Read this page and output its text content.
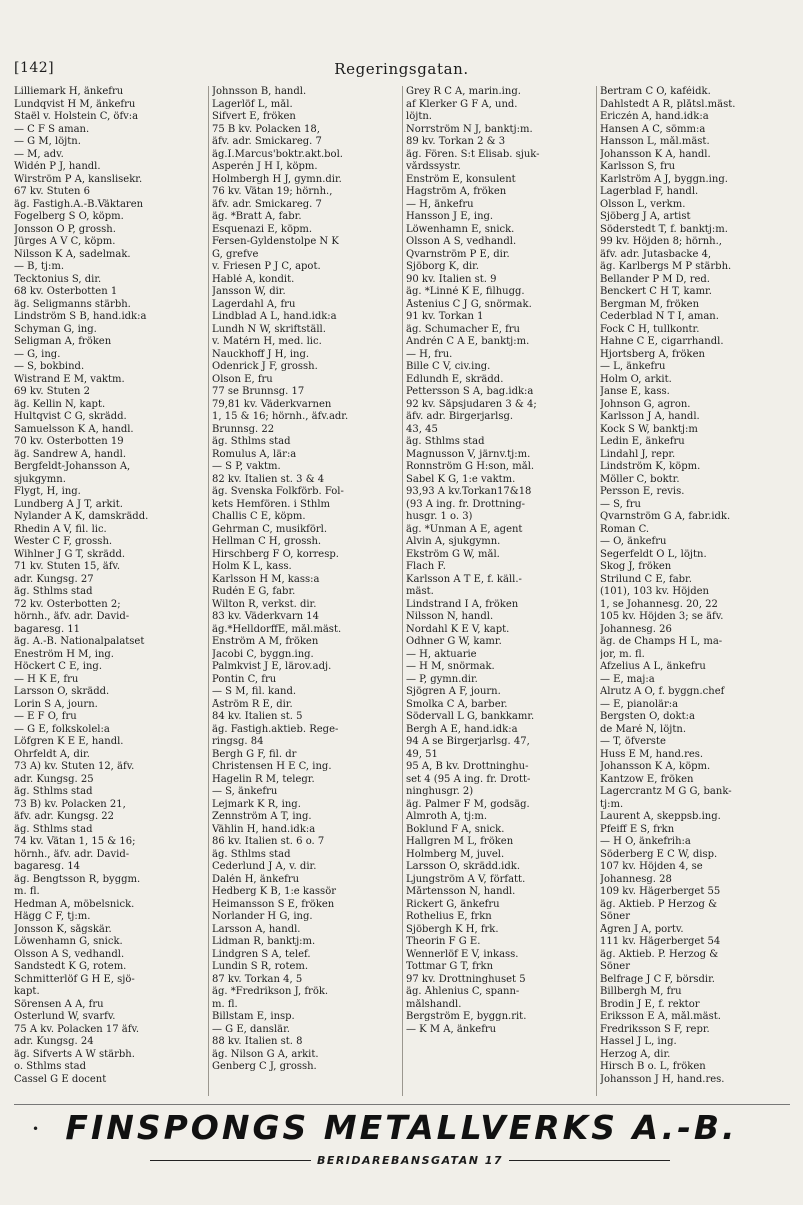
[142]	Regeringsgatan.
Lilliemark H, änkefru
Lundqvist H M, änkefru
Staël v. Holstein C, öfv:a
— C F S aman.
— G M, löjtn.
— M, adv.
Widén P J, handl.
Wirström P A, kanslisekr.
67 kv. Stuten 6
äg. Fastigh.A.-B.Väktaren
Fogelberg S O, köpm.
Jonsson O P, grossh.
Jürges A V C, köpm.
Nilsson K A, sadelmak.
— B, tj:m.
Tecktonius S, dir.
68 kv. Österbotten 1
äg. Seligmanns stärbh.
Lindström S B, hand.idk:a
Schyman G, ing.
Seligman A, fröken
— G, ing.
— S, bokbind.
Wistrand E M, vaktm.
69 kv. Stuten 2
äg. Kellin N, kapt.
Hultqvist C G, skrädd.
Samuelsson K A, handl.
70 kv. Österbotten 19
äg. Sandrew A, handl.
Bergfeldt-Johansson A,
sjukgymn.
Flygt, H, ing.
Lundberg A J T, arkit.
Nylander A K, damskrädd.
Rhedin A V, fil. lic.
Wester C F, grossh.
Wihlner J G T, skrädd.
71 kv. Stuten 15, äfv.
adr. Kungsg. 27
äg. Sthlms stad
72 kv. Österbotten 2;
hörnh., äfv. adr. David-
bagaresg. 11
äg. A.-B. Nationalpalatset
Eneström H M, ing.
Höckert C E, ing.
— H K E, fru
Larsson O, skrädd.
Lorin S A, journ.
— E F O, fru
— G E, folkskolel:a
Löfgren K E E, handl.
Öhrfeldt A, dir.
73 A) kv. Stuten 12, äfv.
adr. Kungsg. 25
äg. Sthlms stad
73 B) kv. Polacken 21,
äfv. adr. Kungsg. 22
äg. Sthlms stad
74 kv. Vätan 1, 15 & 16;
hörnh., äfv. adr. David-
bagaresg. 14
äg. Bengtsson R, byggm.
m. fl.
Hedman A, möbelsnick.
Hägg C F, tj:m.
Jonsson K, sågskär.
Löwenhamn G, snick.
Olsson A S, vedhandl.
Sandstedt K G, rotem.
Schmitterlöf G H E, sjö-
kapt.
Sörensen A A, fru
Österlund W, svarfv.
75 A kv. Polacken 17 äfv.
adr. Kungsg. 24
äg. Sifverts A W stärbh.
o. Sthlms stad
Cassel G E docent
Johnsson B, handl.
Lagerlöf L, mål.
Sifvert E, fröken
75 B kv. Polacken 18,
äfv. adr. Smickareg. 7
äg.I.Marcus'boktr.akt.bol.
Asperén J H I, köpm.
Holmbergh H J, gymn.dir.
76 kv. Vätan 19; hörnh.,
äfv. adr. Smickareg. 7
äg. *Bratt A, fabr.
Esquenazi E, köpm.
Fersen-Gyldenstolpe N K
G, grefve
v. Friesen P J C, apot.
Hablé A, kondit.
Jansson W, dir.
Lagerdahl A, fru
Lindblad A L, hand.idk:a
Lundh N W, skriftställ.
v. Matérn H, med. lic.
Nauckhoff J H, ing.
Odenrick J F, grossh.
Olson E, fru
77 se Brunnsg. 17
79,81 kv. Väderkvarnen
1, 15 & 16; hörnh., äfv.adr.
Brunnsg. 22
äg. Sthlms stad
Romulus A, lär:a
— S P, vaktm.
82 kv. Italien st. 3 & 4
äg. Svenska Folkförb. Fol-
kets Hemfören. i Sthlm
Challis C E, köpm.
Gehrman C, musikförl.
Hellman C H, grossh.
Hirschberg F O, korresp.
Holm K L, kass.
Karlsson H M, kass:a
Rudén E G, fabr.
Wilton R, verkst. dir.
83 kv. Väderkvarn 14
äg.*HelldorffE, mål.mäst.
Enström A M, fröken
Jacobi C, byggn.ing.
Palmkvist J E, lärov.adj.
Pontin C, fru
— S M, fil. kand.
Åström R E, dir.
84 kv. Italien st. 5
äg. Fastigh.aktieb. Rege-
ringsg. 84
Bergh G F, fil. dr
Christensen H E C, ing.
Hagelin R M, telegr.
— S, änkefru
Lejmark K R, ing.
Zennström A T, ing.
Vählin H, hand.idk:a
86 kv. Italien st. 6 o. 7
äg. Sthlms stad
Cederlund J A, v. dir.
Dalén H, änkefru
Hedberg K B, 1:e kassör
Heimansson S E, fröken
Norlander H G, ing.
Larsson A, handl.
Lidman R, banktj:m.
Lindgren S A, telef.
Lundin S R, rotem.
87 kv. Torkan 4, 5
äg. *Fredrikson J, frök.
m. fl.
Billstam E, insp.
— G E, danslär.
88 kv. Italien st. 8
äg. Nilson G A, arkit.
Genberg C J, grossh.
Grey R C A, marin.ing.
af Klerker G F A, und.
löjtn.
Norrström N J, banktj:m.
89 kv. Torkan 2 & 3
äg. Fören. S:t Elisab. sjuk-
vårdssystr.
Enström E, konsulent
Hagström A, fröken
— H, änkefru
Hansson J E, ing.
Löwenhamn E, snick.
Olsson A S, vedhandl.
Qvarnström P E, dir.
Sjöborg K, dir.
90 kv. Italien st. 9
äg. *Linné K E, filhugg.
Åstenius C J G, snörmak.
91 kv. Torkan 1
äg. Schumacher E, fru
Andrén C A E, banktj:m.
— H, fru.
Bille C V, civ.ing.
Edlundh E, skrädd.
Pettersson S A, bag.idk:a
92 kv. Såpsjudaren 3 & 4;
äfv. adr. Birgerjarlsg.
43, 45
äg. Sthlms stad
Magnusson V, järnv.tj:m.
Ronnström G H:son, mål.
Sabel K G, 1:e vaktm.
93,93 A kv.Torkan17&18
(93 A ing. fr. Drottning-
husgr. 1 o. 3)
äg. *Unman A E, agent
Alvin A, sjukgymn.
Ekström G W, mål.
Flach F.
Karlsson A T E, f. käll.-
mäst.
Lindstrand I A, fröken
Nilsson N, handl.
Nordahl K E V, kapt.
Odhner G W, kamr.
— H, aktuarie
— H M, snörmak.
— P, gymn.dir.
Sjögren A F, journ.
Smolka C A, barber.
Södervall L G, bankkamr.
Bergh A E, hand.idk:a
94 A se Birgerjarlsg. 47,
49, 51
95 A, B kv. Drottninghu-
set 4 (95 A ing. fr. Drott-
ninghusgr. 2)
äg. Palmer F M, godsäg.
Almroth A, tj:m.
Boklund F A, snick.
Hallgren M L, fröken
Holmberg M, juvel.
Larsson O, skrädd.idk.
Ljungström A V, författ.
Mårtensson N, handl.
Rickert G, änkefru
Rothelius E, frkn
Sjöbergh K H, frk.
Theorin F G E.
Wennerlöf E V, inkass.
Tottmar G T, frkn
97 kv. Drottninghuset 5
äg. Åhlenius C, spann-
målshandl.
Bergström E, byggn.rit.
— K M A, änkefru
Bertram C O, kaféidk.
Dahlstedt A R, plåtsl.mäst.
Ericzén A, hand.idk:a
Hansen A C, sömm:a
Hansson L, mål.mäst.
Johansson K A, handl.
Karlsson S, fru
Karlström A J, byggn.ing.
Lagerblad F, handl.
Olsson L, verkm.
Sjöberg J A, artist
Söderstedt T, f. banktj:m.
99 kv. Höjden 8; hörnh.,
äfv. adr. Jutasbacke 4,
äg. Karlbergs M P stärbh.
Bellander P M D, red.
Benckert C H T, kamr.
Bergman M, fröken
Cederblad N T I, aman.
Fock C H, tullkontr.
Hahne C E, cigarrhandl.
Hjortsberg A, fröken
— L, änkefru
Holm O, arkit.
Janse E, kass.
Johnson G, agron.
Karlsson J A, handl.
Kock S W, banktj:m
Ledin E, änkefru
Lindahl J, repr.
Lindström K, köpm.
Möller C, boktr.
Persson E, revis.
— S, fru
Qvarnström G A, fabr.idk.
Roman C.
— O, änkefru
Segerfeldt O L, löjtn.
Skog J, fröken
Strilund C E, fabr.
(101), 103 kv. Höjden
1, se Johannesg. 20, 22
105 kv. Höjden 3; se äfv.
Johannesg. 26
äg. de Champs H L, ma-
jor, m. fl.
Afzelius A L, änkefru
— E, maj:a
Alrutz A O, f. byggn.chef
— E, pianolär:a
Bergsten O, dokt:a
de Maré N, löjtn.
— T, öfverste
Huss E M, hand.res.
Johansson K A, köpm.
Kantzow E, fröken
Lagercrantz M G G, bank-
tj:m.
Laurent A, skeppsb.ing.
Pfeiff E S, frkn
— H O, änkefrih:a
Söderberg E C W, disp.
107 kv. Höjden 4, se
Johannesg. 28
109 kv. Hägerberget 55
äg. Aktieb. P Herzog &
Söner
Ågren J A, portv.
111 kv. Hägerberget 54
äg. Aktieb. P. Herzog &
Söner
Belfrage J C F, börsdir.
Billbergh M, fru
Brodin J E, f. rektor
Eriksson E A, mål.mäst.
Fredriksson S F, repr.
Hassel J L, ing.
Herzog A, dir.
Hirsch B o. L, fröken
Johansson J H, hand.res.
• FINSPONGS METALLVERKS A.-B.
BERIDAREBANSGATAN 17
